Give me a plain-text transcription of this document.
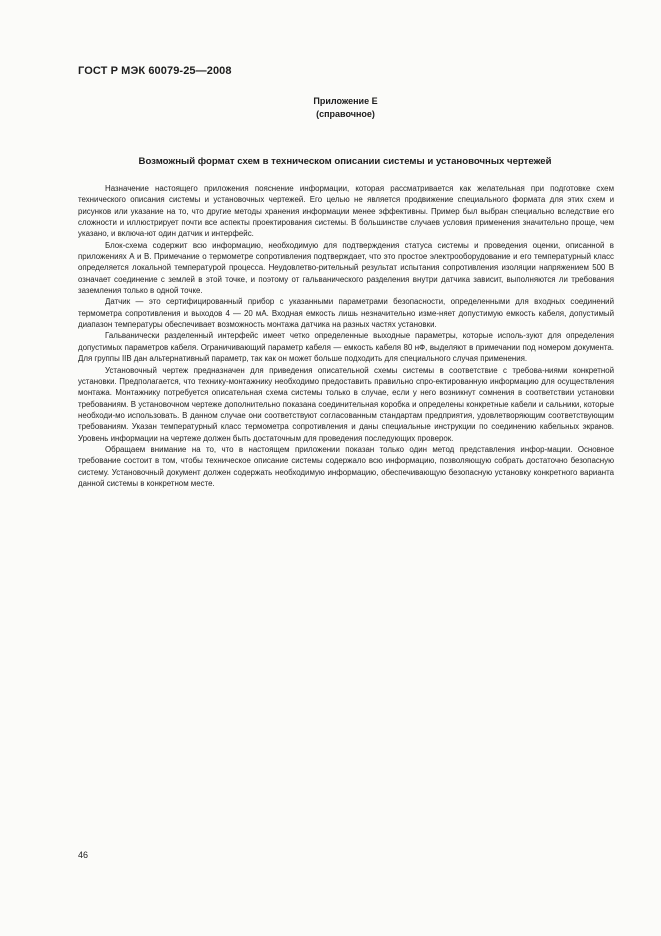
ГОСТ Р МЭК 60079-25—2008
Приложение Е
(справочное)
Возможный формат схем в техническом описании системы и установочных чертежей

Назначение настоящего приложения пояснение информации, которая рассматривается как желательная при подготовке схем технического описания системы и установочных чертежей. Его целью не является продвижение специального формата для этих схем и рисунков или указание на то, что другие методы хранения информации менее эффективны. Пример был выбран специально вследствие его сложности и иллюстрирует почти все аспекты проектирования системы. В большинстве случаев условия применения значительно проще, чем указано, и включа-ют один датчик и интерфейс.

Блок-схема содержит всю информацию, необходимую для подтверждения статуса системы и проведения оценки, описанной в приложениях А и В. Примечание о термометре сопротивления подтверждает, что это простое электрооборудование и его температурный класс определяется локальной температурой процесса. Неудовлетво-рительный результат испытания сопротивления изоляции напряжением 500 В означает соединение с землей в этой точке, и поэтому от гальванического разделения внутри датчика зависит, выполняются ли требования заземления только в одной точке.

Датчик — это сертифицированный прибор с указанными параметрами безопасности, определенными для входных соединений термометра сопротивления и выходов 4 — 20 мА. Входная емкость лишь незначительно изме-няет допустимую емкость кабеля, допустимый диапазон температуры обеспечивает возможность монтажа датчика на разных частях установки.

Гальванически разделенный интерфейс имеет четко определенные выходные параметры, которые исполь-зуют для определения допустимых параметров кабеля. Ограничивающий параметр кабеля — емкость кабеля 80 нФ, выделяют в примечании под номером документа. Для группы IIВ дан альтернативный параметр, так как он может больше подходить для специального случая применения.

Установочный чертеж предназначен для приведения описательной схемы системы в соответствие с требова-ниями конкретной установки. Предполагается, что технику-монтажнику необходимо предоставить правильно спро-ектированную информацию для осуществления монтажа. Монтажнику потребуется описательная схема системы только в случае, если у него возникнут сомнения в соответствии установки требованиям. В установочном чертеже дополнительно показана соединительная коробка и определены конкретные кабели и сальники, которые необходи-мо использовать. В данном случае они соответствуют согласованным стандартам предприятия, удовлетворяющим соответствующим требованиям. Указан температурный класс термометра сопротивления и даны специальные инструкции по соединению кабельных экранов. Уровень информации на чертеже должен быть достаточным для проведения последующих проверок.

Обращаем внимание на то, что в настоящем приложении показан только один метод представления инфор-мации. Основное требование состоит в том, чтобы техническое описание системы содержало всю информацию, позволяющую собрать достаточно безопасную систему. Установочный документ должен содержать необходимую информацию, обеспечивающую безопасную установку конкретного варианта данной системы в конкретном месте.

46
